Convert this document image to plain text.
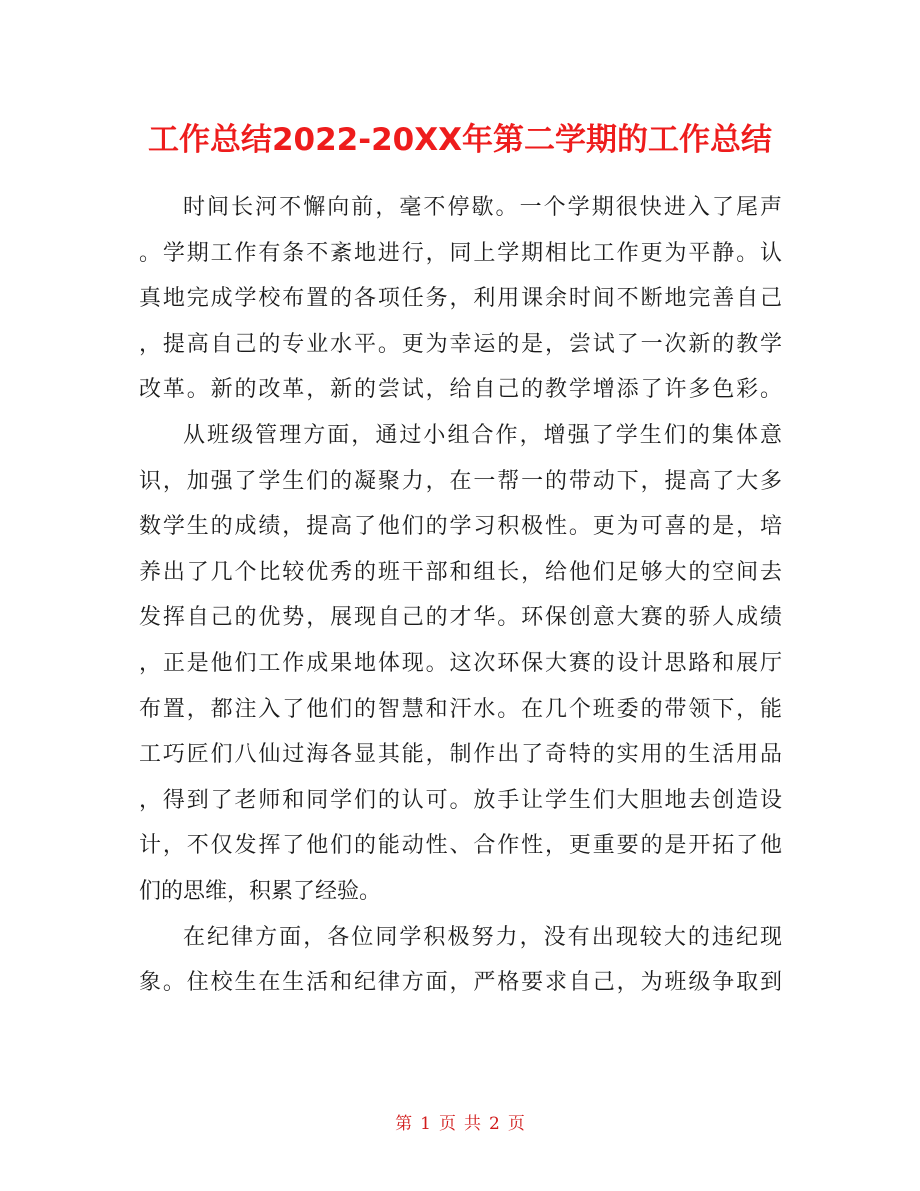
工作总结2022-20XX年第二学期的工作总结
时间长河不懈向前，毫不停歇。一个学期很快进入了尾声
。学期工作有条不紊地进行，同上学期相比工作更为平静。认
真地完成学校布置的各项任务，利用课余时间不断地完善自己
，提高自己的专业水平。更为幸运的是，尝试了一次新的教学
改革。新的改革，新的尝试，给自己的教学增添了许多色彩。
从班级管理方面，通过小组合作，增强了学生们的集体意
识，加强了学生们的凝聚力，在一帮一的带动下，提高了大多
数学生的成绩，提高了他们的学习积极性。更为可喜的是，培
养出了几个比较优秀的班干部和组长，给他们足够大的空间去
发挥自己的优势，展现自己的才华。环保创意大赛的骄人成绩
，正是他们工作成果地体现。这次环保大赛的设计思路和展厅
布置，都注入了他们的智慧和汗水。在几个班委的带领下，能
工巧匠们八仙过海各显其能，制作出了奇特的实用的生活用品
，得到了老师和同学们的认可。放手让学生们大胆地去创造设
计，不仅发挥了他们的能动性、合作性，更重要的是开拓了他
们的思维，积累了经验。
在纪律方面，各位同学积极努力，没有出现较大的违纪现
象。住校生在生活和纪律方面，严格要求自己，为班级争取到
第 1 页 共 2 页
